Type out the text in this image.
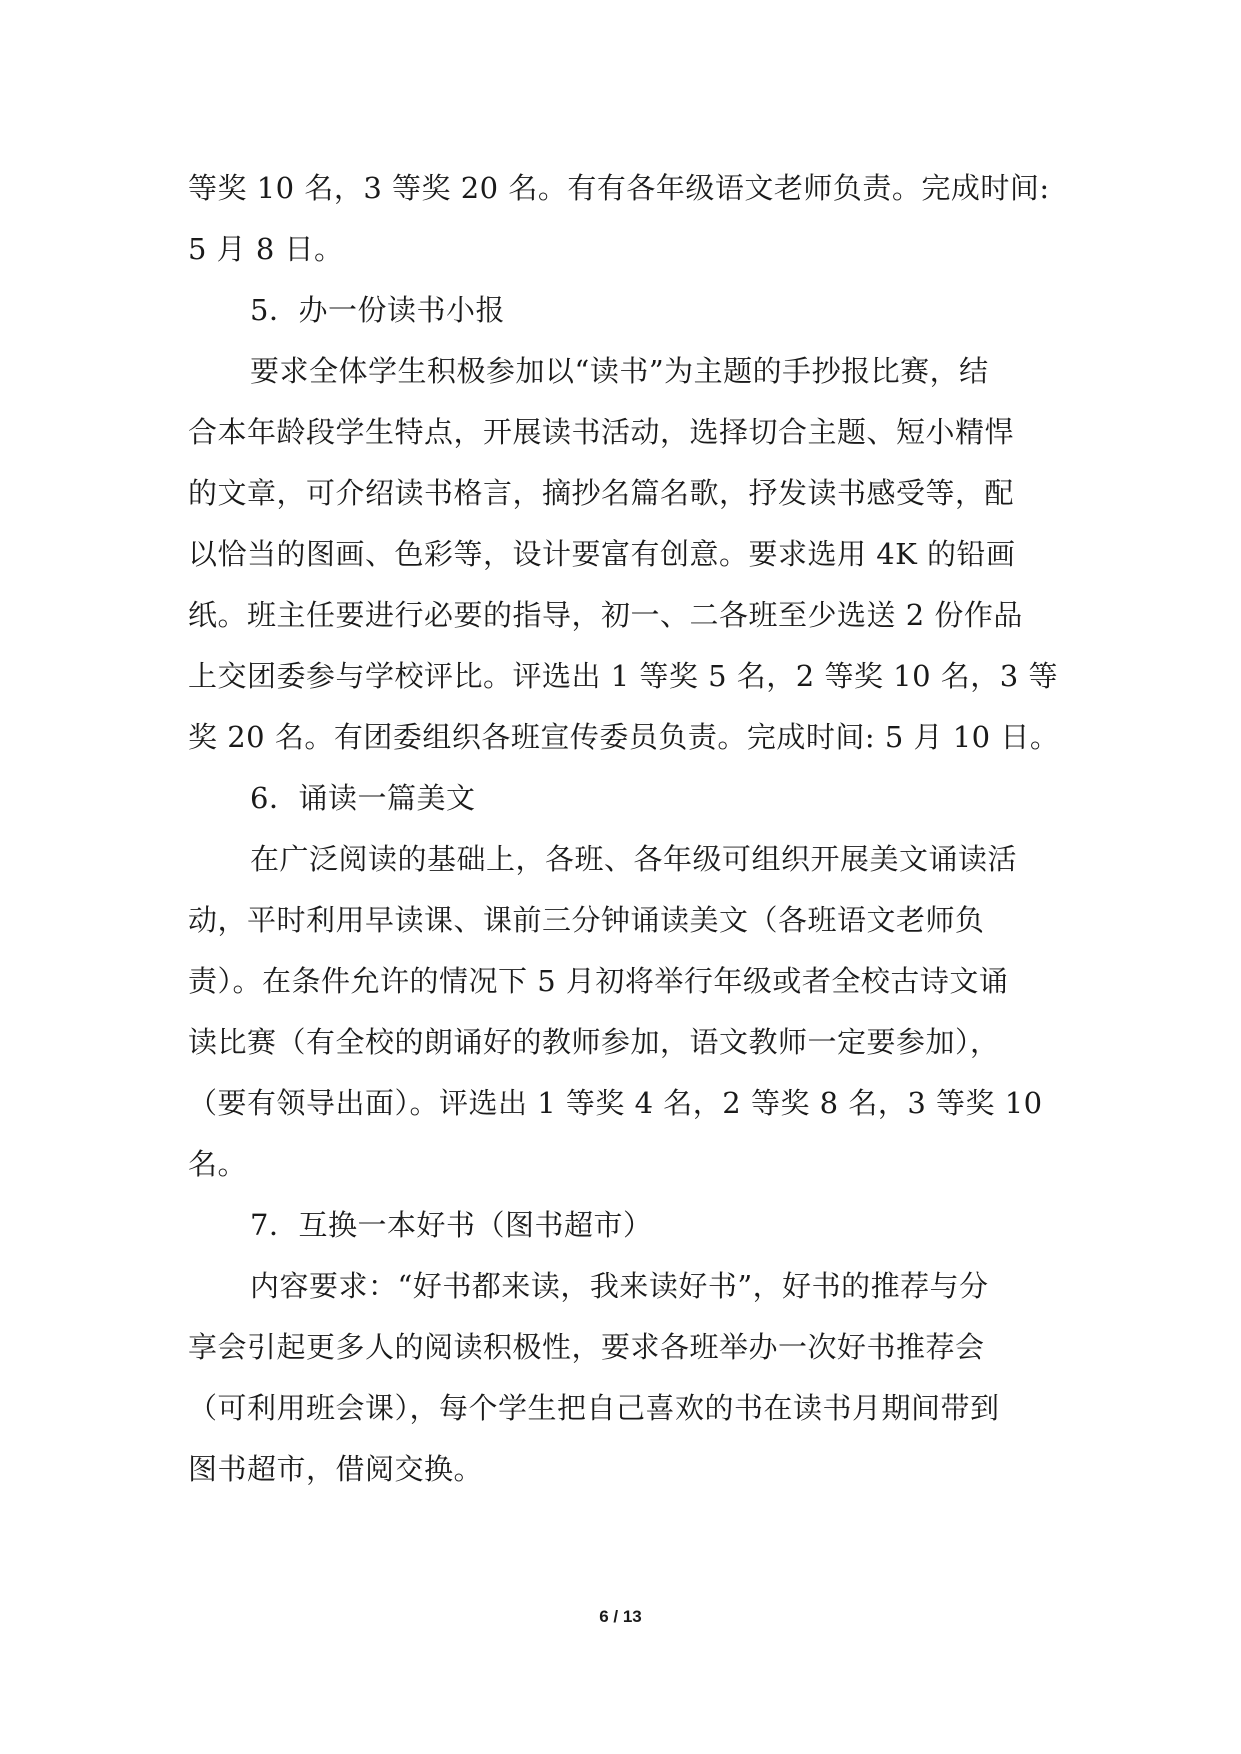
等奖 10 名，3 等奖 20 名。有有各年级语文老师负责。完成时间:
5 月 8 日。
5．办一份读书小报
要求全体学生积极参加以“读书”为主题的手抄报比赛，结
合本年龄段学生特点，开展读书活动，选择切合主题、短小精悍
的文章，可介绍读书格言，摘抄名篇名歌，抒发读书感受等，配
以恰当的图画、色彩等，设计要富有创意。要求选用 4K 的铅画
纸。班主任要进行必要的指导，初一、二各班至少选送 2 份作品
上交团委参与学校评比。评选出 1 等奖 5 名，2 等奖 10 名，3 等
奖 20 名。有团委组织各班宣传委员负责。完成时间: 5 月 10 日。
6．诵读一篇美文
在广泛阅读的基础上，各班、各年级可组织开展美文诵读活
动，平时利用早读课、课前三分钟诵读美文（各班语文老师负
责）。在条件允许的情况下 5 月初将举行年级或者全校古诗文诵
读比赛（有全校的朗诵好的教师参加，语文教师一定要参加），
（要有领导出面）。评选出 1 等奖 4 名，2 等奖 8 名，3 等奖 10
名。
7．互换一本好书（图书超市）
内容要求：“好书都来读，我来读好书”，好书的推荐与分
享会引起更多人的阅读积极性，要求各班举办一次好书推荐会
（可利用班会课），每个学生把自己喜欢的书在读书月期间带到
图书超市，借阅交换。
6 / 13
